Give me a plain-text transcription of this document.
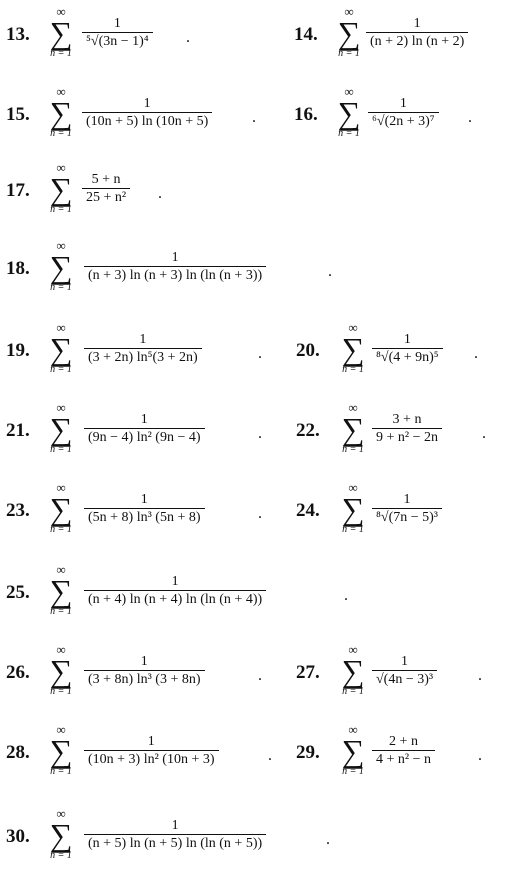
13.
∞
∑
n = 1
$\frac{1}{\text{⁵√(3n − 1)⁴}}$ .	14.
∞
∑
n = 1
$\frac{1}{(n + 2) \ln (n + 2)}$
15.
∞
∑
n = 1
$\frac{1}{(10n + 5) \ln (10n + 5)}$ . 16.
∞
∑
n = 1
$\frac{1}{\text{⁶√(2n + 3)⁷}}$ .
17.
∞
∑
n = 1
$\frac{5 + n}{\text{25 + n²}}$ .
18.
∞
∑
n = 1
$\frac{1}{(n + 3) \ln (n + 3) \ln (\ln (n + 3))}$	.
19.
∞
∑
n = 1
$\frac{1}{\text{(3 + 2n) ln⁵(3 + 2n)}}$	. 20.
∞
∑
n = 1
$\frac{1}{\text{⁸√(4 + 9n)⁵}}$ .
21.
∞
∑
n = 1
$\frac{1}{\text{(9n − 4) ln² (9n − 4)}}$	. 22.
∞
∑
n = 1
$\frac{3 + n}{\text{9 + n² − 2n}}$	.
23.
∞
∑
n = 1
$\frac{1}{\text{(5n + 8) ln³ (5n + 8)}}$	. 24.
∞
∑
n = 1
$\frac{1}{\text{⁸√(7n − 5)³}}$
25.
∞
∑
n = 1
$\frac{1}{(n + 4) \ln (n + 4) \ln (\ln (n + 4))}$	.
26.
∞
∑
n = 1
$\frac{1}{\text{(3 + 8n) ln³ (3 + 8n)}}$	. 27.
∞
∑
n = 1
$\frac{1}{\text{√(4n − 3)³}}$	.
28.
∞
∑
n = 1
$\frac{1}{\text{(10n + 3) ln² (10n + 3)}}$	. 29.
∞
∑
n = 1
$\frac{2 + n}{\text{4 + n² − n}}$	.
30.
∞
∑
n = 1
$\frac{1}{(n + 5) \ln (n + 5) \ln (\ln (n + 5))}$	.
